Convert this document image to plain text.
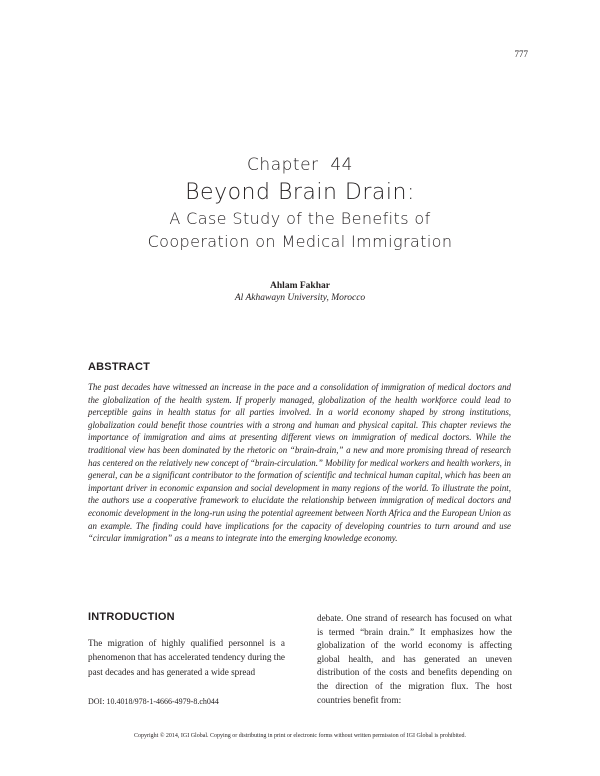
777
Chapter  44
Beyond Brain Drain:
A Case Study of the Benefits of
Cooperation on Medical Immigration
Ahlam Fakhar
Al Akhawayn University, Morocco
ABSTRACT
The past decades have witnessed an increase in the pace and a consolidation of immigration of medical doctors and the globalization of the health system. If properly managed, globalization of the health workforce could lead to perceptible gains in health status for all parties involved. In a world economy shaped by strong institutions, globalization could benefit those countries with a strong and human and physical capital. This chapter reviews the importance of immigration and aims at presenting different views on immigration of medical doctors. While the traditional view has been dominated by the rhetoric on “brain-drain,” a new and more promising thread of research has centered on the relatively new concept of “brain-circulation.” Mobility for medical workers and health workers, in general, can be a significant contributor to the formation of scientific and technical human capital, which has been an important driver in economic expansion and social development in many regions of the world. To illustrate the point, the authors use a cooperative framework to elucidate the relationship between immigration of medical doctors and economic development in the long-run using the potential agreement between North Africa and the European Union as an example. The finding could have implications for the capacity of developing countries to turn around and use “circular immigration” as a means to integrate into the emerging knowledge economy.
INTRODUCTION
The migration of highly qualified personnel is a phenomenon that has accelerated tendency during the past decades and has generated a wide spread
DOI: 10.4018/978-1-4666-4979-8.ch044
debate. One strand of research has focused on what is termed “brain drain.” It emphasizes how the globalization of the world economy is affecting global health, and has generated an uneven distribution of the costs and benefits depending on the direction of the migration flux. The host countries benefit from:
Copyright © 2014, IGI Global. Copying or distributing in print or electronic forms without written permission of IGI Global is prohibited.
